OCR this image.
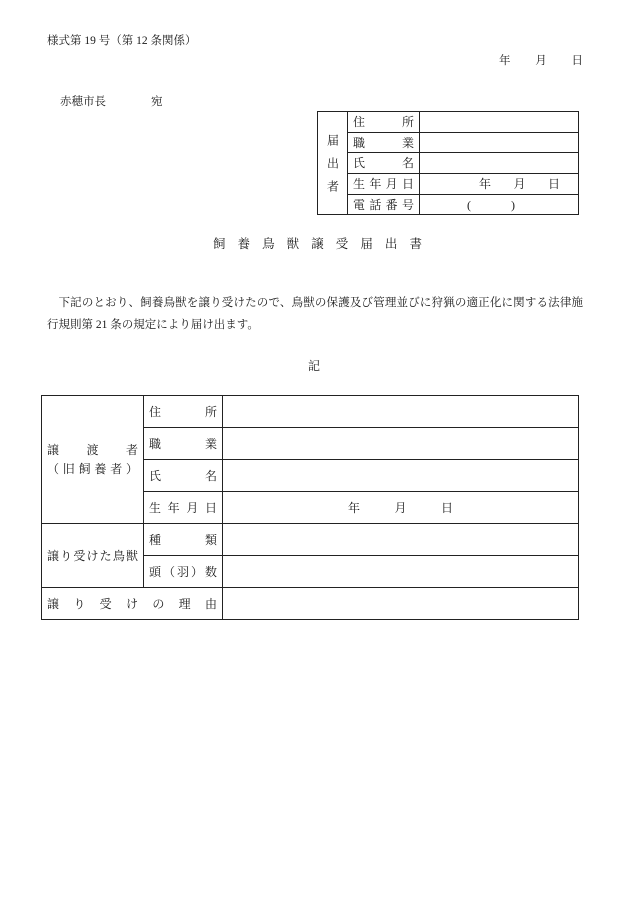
様式第 19 号（第 12 条関係）
年月日
赤穂市長	宛
届出者	住所	

	職業	

	氏名	

	生年月日	年月日

	電話番号	(　　　)
飼養鳥獣譲受届出書
下記のとおり、飼養鳥獣を譲り受けたので、鳥獣の保護及び管理並びに狩猟の適正化に関する法律施
行規則第 21 条の規定により届け出ます。
記
譲渡者
（旧飼養者）	住所	

	職業	

	氏名	

	生年月日	年月日

譲り受けた鳥獣	種類	

	頭（羽）数	

譲り受けの理由		
